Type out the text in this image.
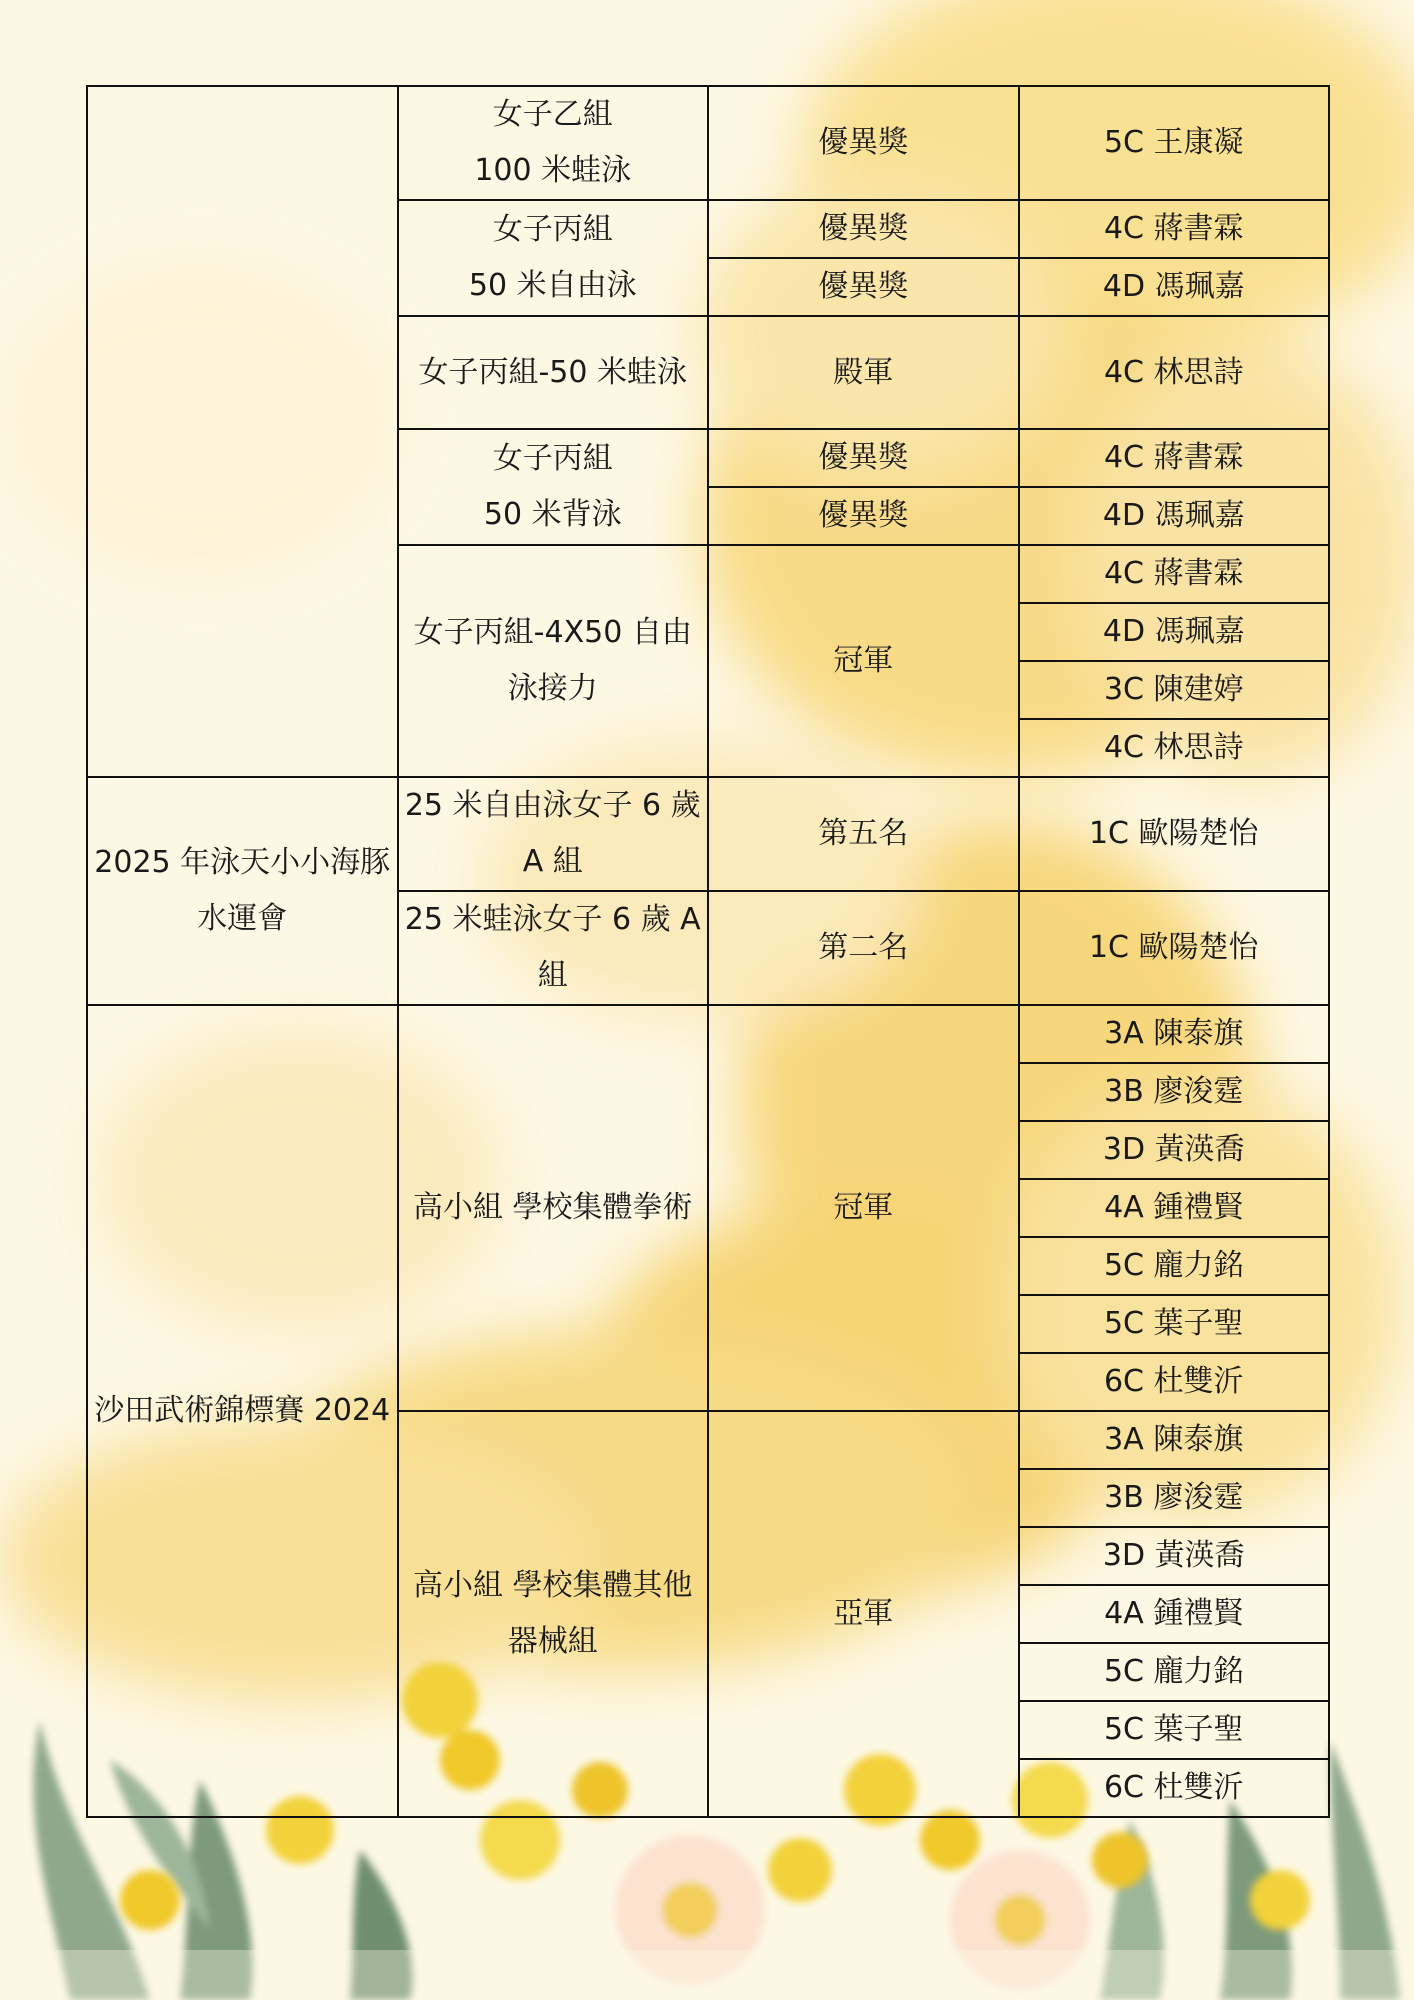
	女子乙組
100 米蛙泳	優異獎	5C 王康凝

	女子丙組
50 米自由泳	優異獎	4C 蔣書霖
		優異獎	4D 馮珮嘉
	女子丙組-50 米蛙泳	殿軍	4C 林思詩

	女子丙組
50 米背泳	優異獎	4C 蔣書霖
		優異獎	4D 馮珮嘉
	女子丙組-4X50 自由泳接力	冠軍	4C 蔣書霖
			4D 馮珮嘉
			3C 陳建婷
			4C 林思詩
2025 年泳天小小海豚水運會	25 米自由泳女子 6 歲 A 組	第五名	1C 歐陽楚怡

	25 米蛙泳女子 6 歲 A 組	第二名	1C 歐陽楚怡

沙田武術錦標賽 2024	高小組 學校集體拳術	冠軍	3A 陳泰旗
			3B 廖浚霆
			3D 黃渶喬
			4A 鍾禮賢
			5C 龐力銘
			5C 葉子聖
			6C 杜雙沂
	高小組 學校集體其他器械組	亞軍	3A 陳泰旗
			3B 廖浚霆
			3D 黃渶喬
			4A 鍾禮賢
			5C 龐力銘
			5C 葉子聖
			6C 杜雙沂
